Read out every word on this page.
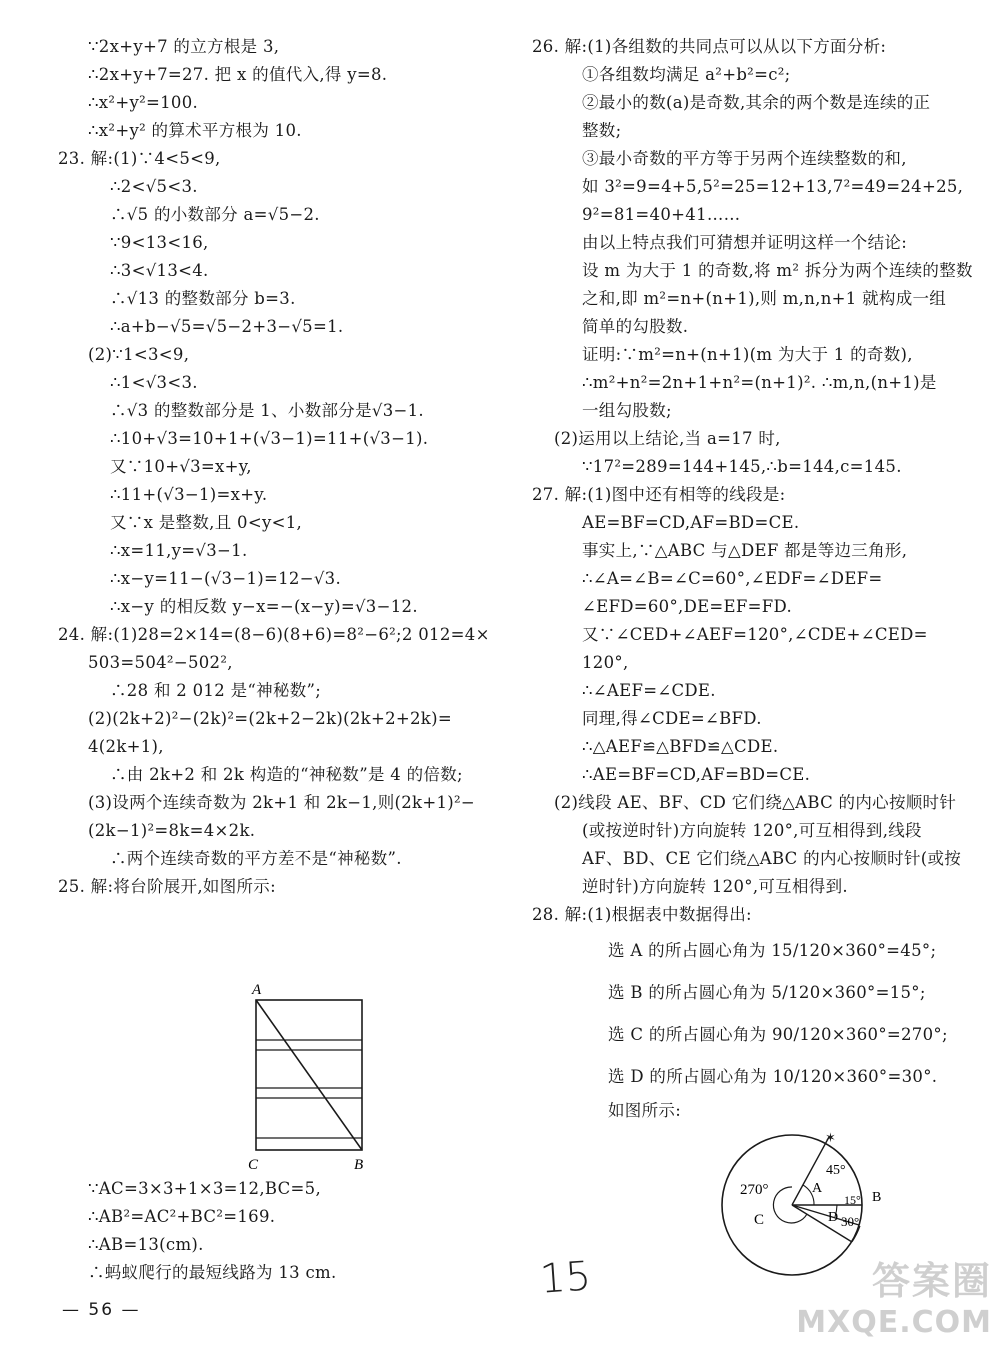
∵2x+y+7 的立方根是 3,
∴2x+y+7=27. 把 x 的值代入,得 y=8.
∴x²+y²=100.
∴x²+y² 的算术平方根为 10.
23. 解:(1)∵4<5<9,
∴2<√5<3.
∴√5 的小数部分 a=√5−2.
∵9<13<16,
∴3<√13<4.
∴√13 的整数部分 b=3.
∴a+b−√5=√5−2+3−√5=1.
(2)∵1<3<9,
∴1<√3<3.
∴√3 的整数部分是 1、小数部分是√3−1.
∴10+√3=10+1+(√3−1)=11+(√3−1).
又∵10+√3=x+y,
∴11+(√3−1)=x+y.
又∵x 是整数,且 0<y<1,
∴x=11,y=√3−1.
∴x−y=11−(√3−1)=12−√3.
∴x−y 的相反数 y−x=−(x−y)=√3−12.
24. 解:(1)28=2×14=(8−6)(8+6)=8²−6²;2 012=4×
503=504²−502²,
∴28 和 2 012 是“神秘数”;
(2)(2k+2)²−(2k)²=(2k+2−2k)(2k+2+2k)=
4(2k+1),
∴由 2k+2 和 2k 构造的“神秘数”是 4 的倍数;
(3)设两个连续奇数为 2k+1 和 2k−1,则(2k+1)²−
(2k−1)²=8k=4×2k.
∴两个连续奇数的平方差不是“神秘数”.
25. 解:将台阶展开,如图所示:
A
C	B
∵AC=3×3+1×3=12,BC=5,
∴AB²=AC²+BC²=169.
∴AB=13(cm).
∴蚂蚁爬行的最短线路为 13 cm.
26. 解:(1)各组数的共同点可以从以下方面分析:
①各组数均满足 a²+b²=c²;
②最小的数(a)是奇数,其余的两个数是连续的正
整数;
③最小奇数的平方等于另两个连续整数的和,
如 3²=9=4+5,5²=25=12+13,7²=49=24+25,
9²=81=40+41……
由以上特点我们可猜想并证明这样一个结论:
设 m 为大于 1 的奇数,将 m² 拆分为两个连续的整数
之和,即 m²=n+(n+1),则 m,n,n+1 就构成一组
简单的勾股数.
证明:∵m²=n+(n+1)(m 为大于 1 的奇数),
∴m²+n²=2n+1+n²=(n+1)². ∴m,n,(n+1)是
一组勾股数;
(2)运用以上结论,当 a=17 时,
∵17²=289=144+145,∴b=144,c=145.
27. 解:(1)图中还有相等的线段是:
AE=BF=CD,AF=BD=CE.
事实上,∵△ABC 与△DEF 都是等边三角形,
∴∠A=∠B=∠C=60°,∠EDF=∠DEF=
∠EFD=60°,DE=EF=FD.
又∵∠CED+∠AEF=120°,∠CDE+∠CED=
120°,
∴∠AEF=∠CDE.
同理,得∠CDE=∠BFD.
∴△AEF≌△BFD≌△CDE.
∴AE=BF=CD,AF=BD=CE.
(2)线段 AE、BF、CD 它们绕△ABC 的内心按顺时针
(或按逆时针)方向旋转 120°,可互相得到,线段
AF、BD、CE 它们绕△ABC 的内心按顺时针(或按
逆时针)方向旋转 120°,可互相得到.
28. 解:(1)根据表中数据得出:
选 A 的所占圆心角为 15/120×360°=45°;
选 B 的所占圆心角为 5/120×360°=15°;
选 C 的所占圆心角为 90/120×360°=270°;
选 D 的所占圆心角为 10/120×360°=30°.
如图所示:
✶
270°
C
45°
A
15° B
D 30°
— 56 —
15	答案圈
MXQE.COM
